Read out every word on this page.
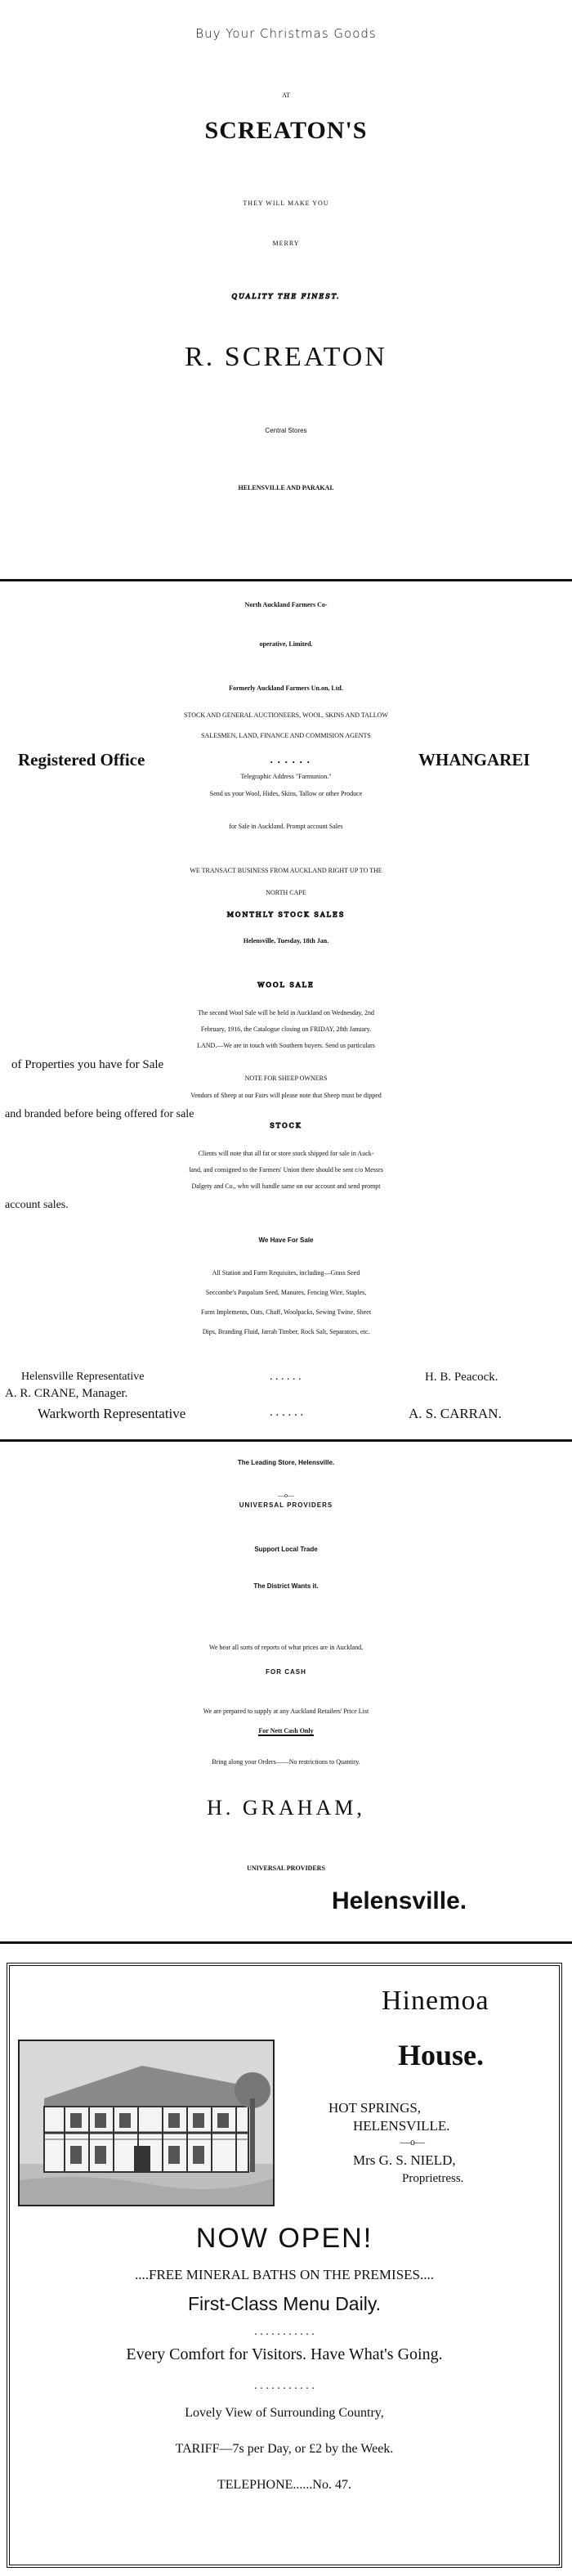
Buy Your Christmas Goods
AT
SCREATON'S
THEY WILL MAKE YOU
MERRY
QUALITY THE FINEST.
R. SCREATON
Central Stores
HELENSVILLE AND PARAKAI.
North Auckland Farmers Co-
operative, Limited.
Formerly Auckland Farmers Un.on, Ltd.
STOCK AND GENERAL AUCTIONEERS, WOOL, SKINS AND TALLOW
SALESMEN, LAND, FINANCE AND COMMISION AGENTS
Registered Office	. . . . . .	WHANGAREI
Telegraphic Address "Farmunion."
Send us your Wool, Hides, Skins, Tallow or other Produce
for Sale in Auckland. Prompt account Sales
WE TRANSACT BUSINESS FROM AUCKLAND RIGHT UP TO THE
NORTH CAPE
MONTHLY STOCK SALES
Helensville, Tuesday, 18th Jan.
WOOL SALE
The second Wool Sale will be held in Auckland on Wednesday, 2nd
February, 1916, the Catalogue closing on FRIDAY, 28th January.
LAND.—We are in touch with Southern buyers. Send us particulars
of Properties you have for Sale
NOTE FOR SHEEP OWNERS
Vendors of Sheep at our Fairs will please note that Sheep must be dipped
and branded before being offered for sale
STOCK
Clients will note that all fat or store stock shipped for sale in Auck-
land, and consigned to the Farmers' Union there should be sent c/o Messrs
Dalgety and Co., who will handle same on our account and send prompt
account sales.
We Have For Sale
All Station and Farm Requisites, including—Grass Seed
Seccombe's Paspalum Seed, Manures, Fencing Wire, Staples,
Farm Implements, Oats, Chaff, Woolpacks, Sewing Twine, Sheet
Dips, Branding Fluid, Jarrah Timber, Rock Salt, Separators, etc.
Helensville Representative	. . . . . .	H. B. Peacock.
A. R. CRANE, Manager.
Warkworth Representative	. . . . . .	A. S. CARRAN.
The Leading Store, Helensville.
—o—
UNIVERSAL PROVIDERS
Support Local Trade
The District Wants it.
We hear all sorts of reports of what prices are in Auckland,
FOR CASH
We are prepared to supply at any Auckland Retailers' Price List
For Nett Cash Only
Bring along your Orders——No restrictions to Quantity.
H. GRAHAM,
UNIVERSAL PROVIDERS
Helensville.
Hinemoa
House.
HOT SPRINGS,
HELENSVILLE.
—o—
Mrs G. S. NIELD,
Proprietress.
NOW OPEN!
....FREE MINERAL BATHS ON THE PREMISES....
First-Class Menu Daily.
. . . . . . . . . . .
Every Comfort for Visitors. Have What's Going.
. . . . . . . . . . .
Lovely View of Surrounding Country,
TARIFF—7s per Day, or £2 by the Week.
TELEPHONE......No. 47.
